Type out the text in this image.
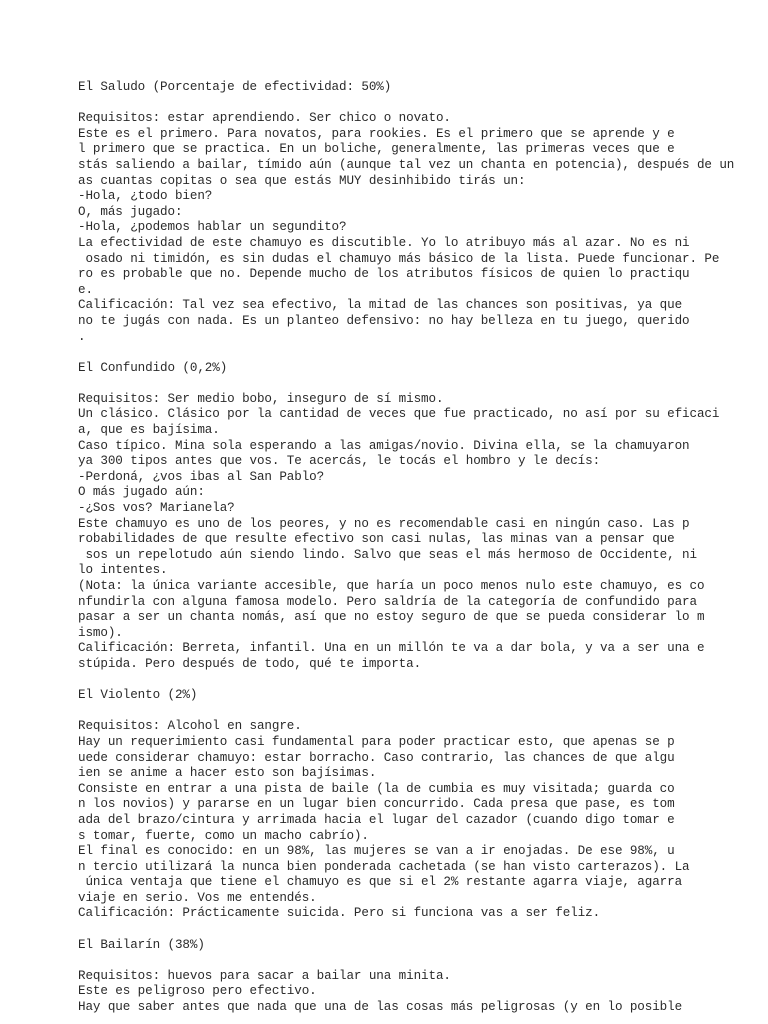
El Saludo (Porcentaje de efectividad: 50%)

Requisitos: estar aprendiendo. Ser chico o novato.
Este es el primero. Para novatos, para rookies. Es el primero que se aprende y e
l primero que se practica. En un boliche, generalmente, las primeras veces que e
stás saliendo a bailar, tímido aún (aunque tal vez un chanta en potencia), después de un
as cuantas copitas o sea que estás MUY desinhibido tirás un:
-Hola, ¿todo bien?
O, más jugado:
-Hola, ¿podemos hablar un segundito?
La efectividad de este chamuyo es discutible. Yo lo atribuyo más al azar. No es ni
osado ni timidón, es sin dudas el chamuyo más básico de la lista. Puede funcionar. Pe
ro es probable que no. Depende mucho de los atributos físicos de quien lo practiqu
e.
Calificación: Tal vez sea efectivo, la mitad de las chances son positivas, ya que
no te jugás con nada. Es un planteo defensivo: no hay belleza en tu juego, querido
.

El Confundido (0,2%)

Requisitos: Ser medio bobo, inseguro de sí mismo.
Un clásico. Clásico por la cantidad de veces que fue practicado, no así por su eficaci
a, que es bajísima.
Caso típico. Mina sola esperando a las amigas/novio. Divina ella, se la chamuyaron
ya 300 tipos antes que vos. Te acercás, le tocás el hombro y le decís:
-Perdoná, ¿vos ibas al San Pablo?
O más jugado aún:
-¿Sos vos? Marianela?
Este chamuyo es uno de los peores, y no es recomendable casi en ningún caso. Las p
robabilidades de que resulte efectivo son casi nulas, las minas van a pensar que
sos un repelotudo aún siendo lindo. Salvo que seas el más hermoso de Occidente, ni
lo intentes.
(Nota: la única variante accesible, que haría un poco menos nulo este chamuyo, es co
nfundirla con alguna famosa modelo. Pero saldría de la categoría de confundido para
pasar a ser un chanta nomás, así que no estoy seguro de que se pueda considerar lo m
ismo).
Calificación: Berreta, infantil. Una en un millón te va a dar bola, y va a ser una e
stúpida. Pero después de todo, qué te importa.

El Violento (2%)

Requisitos: Alcohol en sangre.
Hay un requerimiento casi fundamental para poder practicar esto, que apenas se p
uede considerar chamuyo: estar borracho. Caso contrario, las chances de que algu
ien se anime a hacer esto son bajísimas.
Consiste en entrar a una pista de baile (la de cumbia es muy visitada; guarda co
n los novios) y pararse en un lugar bien concurrido. Cada presa que pase, es tom
ada del brazo/cintura y arrimada hacia el lugar del cazador (cuando digo tomar e
s tomar, fuerte, como un macho cabrío).
El final es conocido: en un 98%, las mujeres se van a ir enojadas. De ese 98%, u
n tercio utilizará la nunca bien ponderada cachetada (se han visto carterazos). La
única ventaja que tiene el chamuyo es que si el 2% restante agarra viaje, agarra
viaje en serio. Vos me entendés.
Calificación: Prácticamente suicida. Pero si funciona vas a ser feliz.

El Bailarín (38%)

Requisitos: huevos para sacar a bailar una minita.
Este es peligroso pero efectivo.
Hay que saber antes que nada que una de las cosas más peligrosas (y en lo posible
